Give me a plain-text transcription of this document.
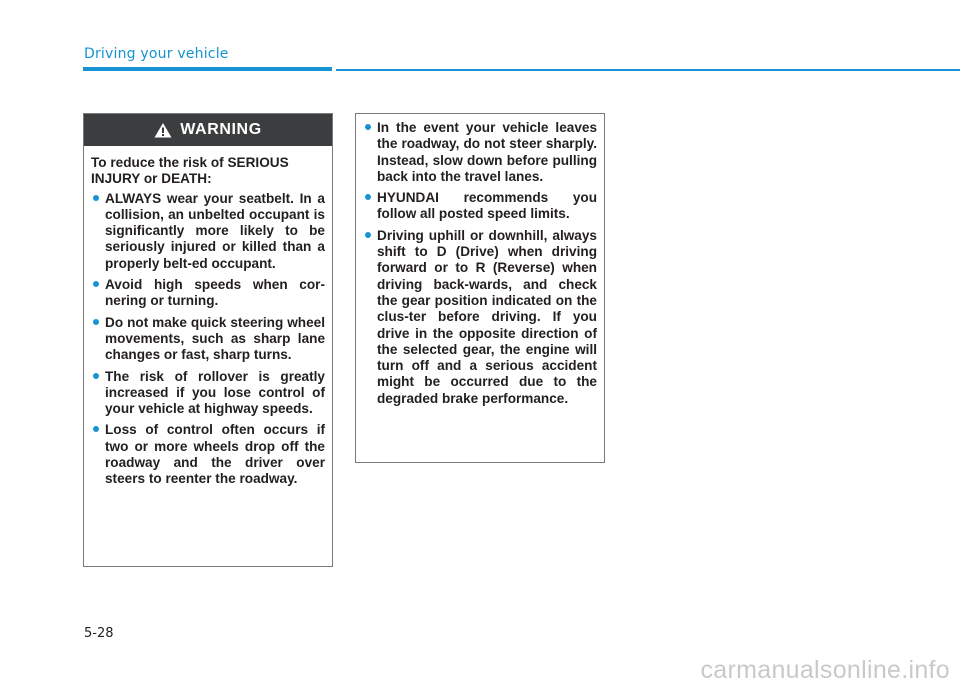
Driving your vehicle
WARNING

To reduce the risk of SERIOUS INJURY or DEATH:

ALWAYS wear your seatbelt. In a collision, an unbelted occupant is significantly more likely to be seriously injured or killed than a properly belt-ed occupant.
Avoid high speeds when cor-nering or turning.
Do not make quick steering wheel movements, such as sharp lane changes or fast, sharp turns.
The risk of rollover is greatly increased if you lose control of your vehicle at highway speeds.
Loss of control often occurs if two or more wheels drop off the roadway and the driver over steers to reenter the roadway.
In the event your vehicle leaves the roadway, do not steer sharply. Instead, slow down before pulling back into the travel lanes.
HYUNDAI recommends you follow all posted speed limits.
Driving uphill or downhill, always shift to D (Drive) when driving forward or to R (Reverse) when driving back-wards, and check the gear position indicated on the clus-ter before driving. If you drive in the opposite direction of the selected gear, the engine will turn off and a serious accident might be occurred due to the degraded brake performance.
5-28
carmanualsonline.info
